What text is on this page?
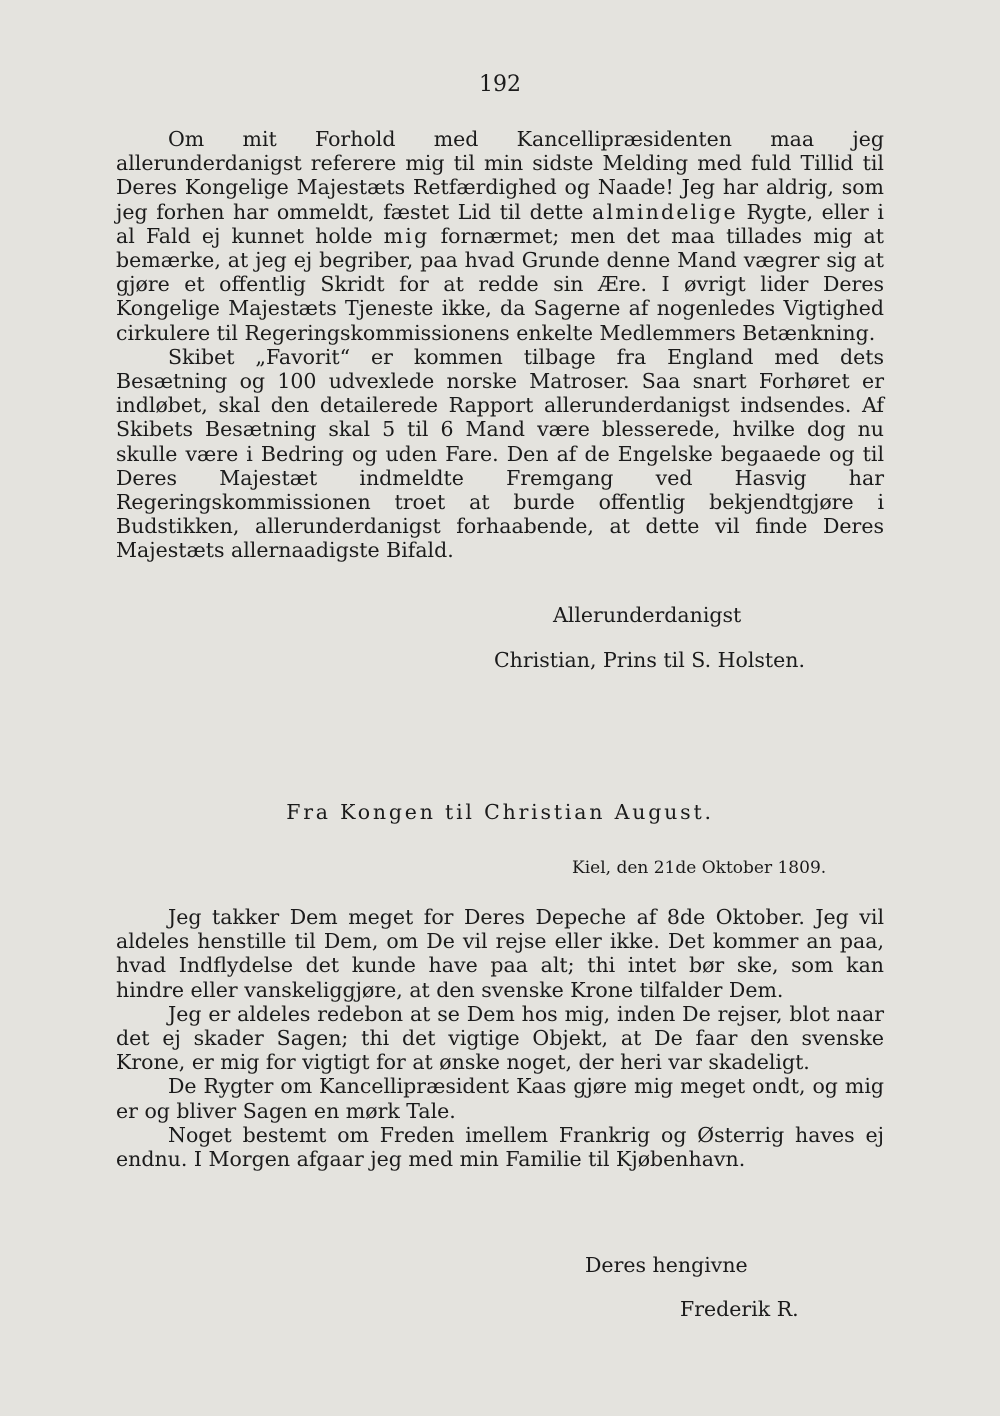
192

Om mit Forhold med Kancellipræsidenten maa jeg allerunderdanigst referere mig til min sidste Melding med fuld Tillid til Deres Kongelige Majestæts Retfærdighed og Naade! Jeg har aldrig, som jeg forhen har ommeldt, fæstet Lid til dette almindelige Rygte, eller i al Fald ej kunnet holde mig fornærmet; men det maa tillades mig at bemærke, at jeg ej begriber, paa hvad Grunde denne Mand vægrer sig at gjøre et offentlig Skridt for at redde sin Ære. I øvrigt lider Deres Kongelige Majestæts Tjeneste ikke, da Sagerne af nogenledes Vigtighed cirkulere til Regeringskommissionens enkelte Medlemmers Betænkning.

Skibet „Favorit“ er kommen tilbage fra England med dets Besætning og 100 udvexlede norske Matroser. Saa snart Forhøret er indløbet, skal den detailerede Rapport allerunderdanigst indsendes. Af Skibets Besætning skal 5 til 6 Mand være blesserede, hvilke dog nu skulle være i Bedring og uden Fare. Den af de Engelske begaaede og til Deres Majestæt indmeldte Fremgang ved Hasvig har Regeringskommissionen troet at burde offentlig bekjendtgjøre i Budstikken, allerunderdanigst forhaabende, at dette vil finde Deres Majestæts allernaadigste Bifald.

Allerunderdanigst
Christian, Prins til S. Holsten.
Fra Kongen til Christian August.
Kiel, den 21de Oktober 1809.

Jeg takker Dem meget for Deres Depeche af 8de Oktober. Jeg vil aldeles henstille til Dem, om De vil rejse eller ikke. Det kommer an paa, hvad Indflydelse det kunde have paa alt; thi intet bør ske, som kan hindre eller vanskeliggjøre, at den svenske Krone tilfalder Dem.

Jeg er aldeles redebon at se Dem hos mig, inden De rejser, blot naar det ej skader Sagen; thi det vigtige Objekt, at De faar den svenske Krone, er mig for vigtigt for at ønske noget, der heri var skadeligt.

De Rygter om Kancellipræsident Kaas gjøre mig meget ondt, og mig er og bliver Sagen en mørk Tale.

Noget bestemt om Freden imellem Frankrig og Østerrig haves ej endnu. I Morgen afgaar jeg med min Familie til Kjøbenhavn.

Deres hengivne
Frederik R.
